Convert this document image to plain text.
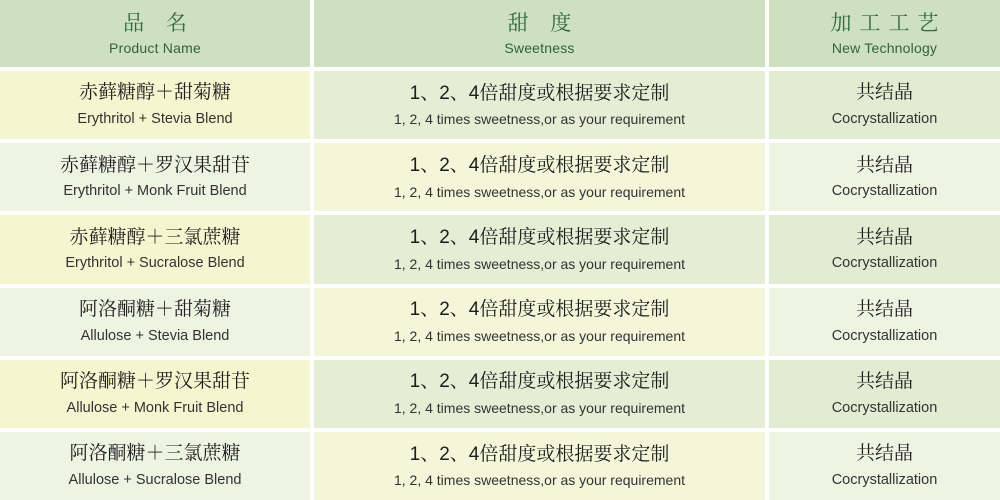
品 名
Product Name
甜 度
Sweetness
加工工艺
New Technology
赤藓糖醇＋甜菊糖
Erythritol + Stevia Blend
1、2、4倍甜度或根据要求定制
1, 2, 4 times sweetness,or as your requirement
共结晶
Cocrystallization
赤藓糖醇＋罗汉果甜苷
Erythritol + Monk Fruit Blend
1、2、4倍甜度或根据要求定制
1, 2, 4 times sweetness,or as your requirement
共结晶
Cocrystallization
赤藓糖醇＋三氯蔗糖
Erythritol + Sucralose Blend
1、2、4倍甜度或根据要求定制
1, 2, 4 times sweetness,or as your requirement
共结晶
Cocrystallization
阿洛酮糖＋甜菊糖
Allulose + Stevia Blend
1、2、4倍甜度或根据要求定制
1, 2, 4 times sweetness,or as your requirement
共结晶
Cocrystallization
阿洛酮糖＋罗汉果甜苷
Allulose + Monk Fruit Blend
1、2、4倍甜度或根据要求定制
1, 2, 4 times sweetness,or as your requirement
共结晶
Cocrystallization
阿洛酮糖＋三氯蔗糖
Allulose + Sucralose Blend
1、2、4倍甜度或根据要求定制
1, 2, 4 times sweetness,or as your requirement
共结晶
Cocrystallization
